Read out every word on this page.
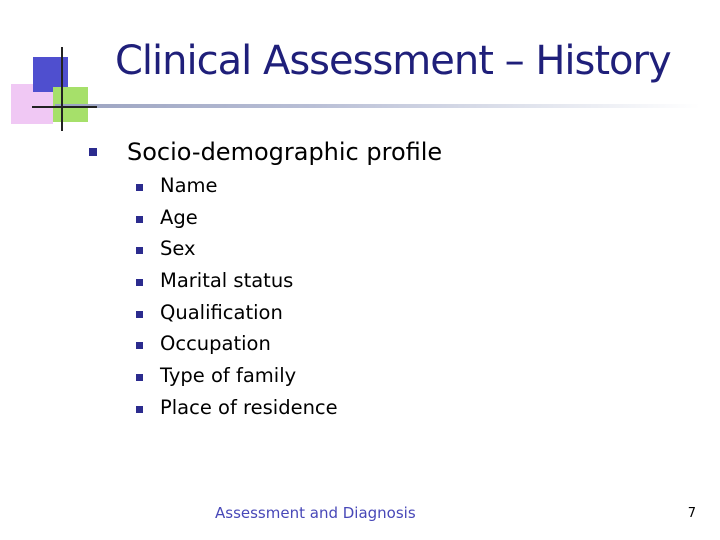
Clinical Assessment – History
Socio-demographic profile
Name
Age
Sex
Marital status
Qualification
Occupation
Type of family
Place of residence
Assessment and Diagnosis	7
